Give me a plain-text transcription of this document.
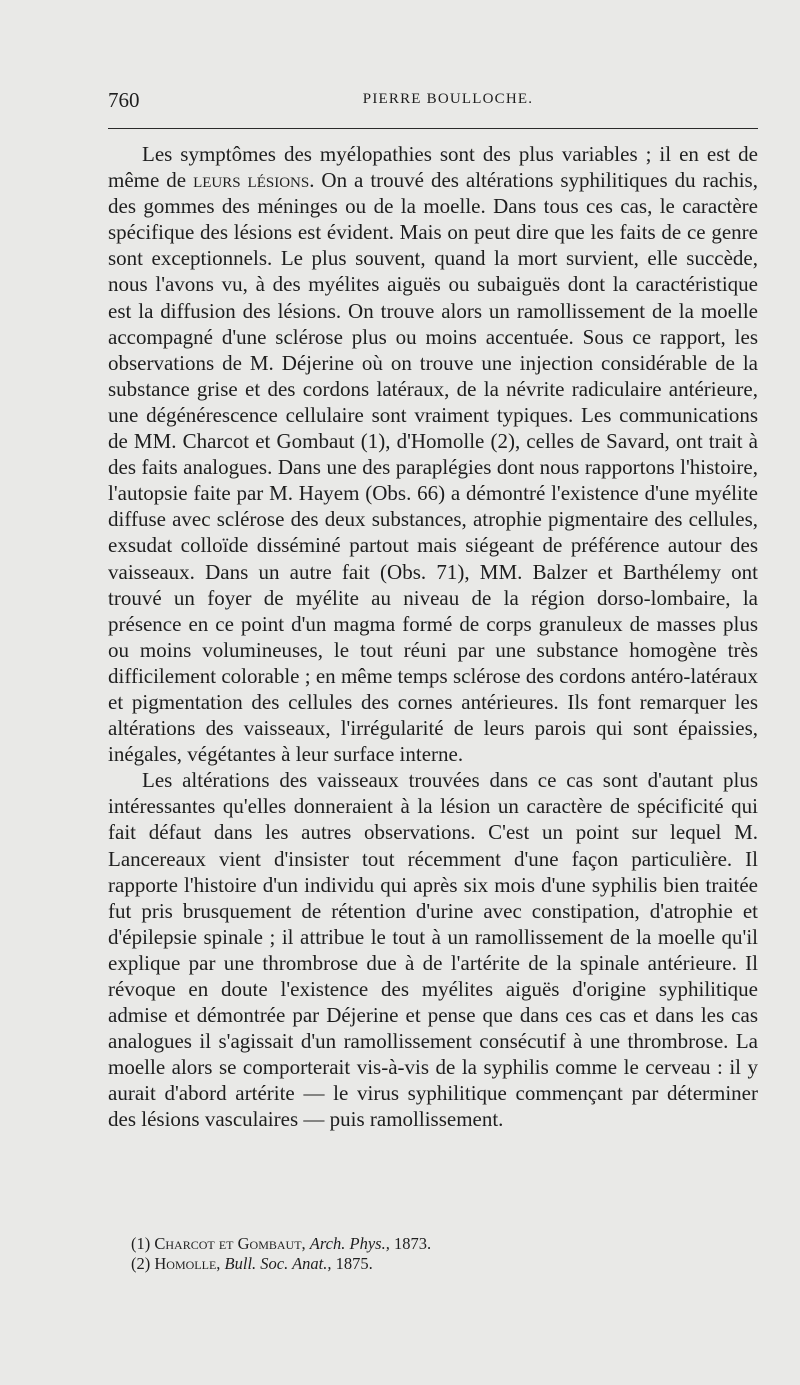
760	PIERRE BOULLOCHE.

Les symptômes des myélopathies sont des plus variables ; il en est de même de leurs lésions. On a trouvé des altérations syphilitiques du rachis, des gommes des méninges ou de la moelle. Dans tous ces cas, le caractère spécifique des lésions est évident. Mais on peut dire que les faits de ce genre sont exceptionnels. Le plus souvent, quand la mort survient, elle succède, nous l'avons vu, à des myélites aiguës ou subaiguës dont la caractéristique est la diffusion des lésions. On trouve alors un ramollissement de la moelle accompagné d'une sclérose plus ou moins accentuée. Sous ce rapport, les observations de M. Déjerine où on trouve une injection considérable de la substance grise et des cordons latéraux, de la névrite radiculaire antérieure, une dégénérescence cellulaire sont vraiment typiques. Les communications de MM. Charcot et Gombaut (1), d'Homolle (2), celles de Savard, ont trait à des faits analogues. Dans une des paraplégies dont nous rapportons l'histoire, l'autopsie faite par M. Hayem (Obs. 66) a démontré l'existence d'une myélite diffuse avec sclérose des deux substances, atrophie pigmentaire des cellules, exsudat colloïde disséminé partout mais siégeant de préférence autour des vaisseaux. Dans un autre fait (Obs. 71), MM. Balzer et Barthélemy ont trouvé un foyer de myélite au niveau de la région dorso-lombaire, la présence en ce point d'un magma formé de corps granuleux de masses plus ou moins volumineuses, le tout réuni par une substance homogène très difficilement colorable ; en même temps sclérose des cordons antéro-latéraux et pigmentation des cellules des cornes antérieures. Ils font remarquer les altérations des vaisseaux, l'irrégularité de leurs parois qui sont épaissies, inégales, végétantes à leur surface interne.

Les altérations des vaisseaux trouvées dans ce cas sont d'autant plus intéressantes qu'elles donneraient à la lésion un caractère de spécificité qui fait défaut dans les autres observations. C'est un point sur lequel M. Lancereaux vient d'insister tout récemment d'une façon particulière. Il rapporte l'histoire d'un individu qui après six mois d'une syphilis bien traitée fut pris brusquement de rétention d'urine avec constipation, d'atrophie et d'épilepsie spinale ; il attribue le tout à un ramollissement de la moelle qu'il explique par une thrombrose due à de l'artérite de la spinale antérieure. Il révoque en doute l'existence des myélites aiguës d'origine syphilitique admise et démontrée par Déjerine et pense que dans ces cas et dans les cas analogues il s'agissait d'un ramollissement consécutif à une thrombrose. La moelle alors se comporterait vis-à-vis de la syphilis comme le cerveau : il y aurait d'abord artérite — le virus syphilitique commençant par déterminer des lésions vasculaires — puis ramollissement.

(1) Charcot et Gombaut, Arch. Phys., 1873.
(2) Homolle, Bull. Soc. Anat., 1875.
